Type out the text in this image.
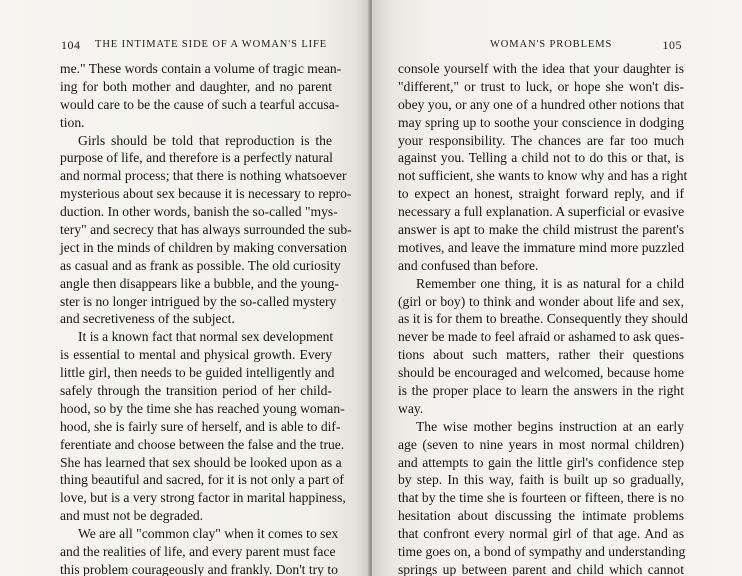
104 THE INTIMATE SIDE OF A WOMAN'S LIFE
me." These words contain a volume of tragic mean-
ing for both mother and daughter, and no parent
would care to be the cause of such a tearful accusa-
tion.
Girls should be told that reproduction is the
purpose of life, and therefore is a perfectly natural
and normal process; that there is nothing whatsoever
mysterious about sex because it is necessary to repro-
duction. In other words, banish the so-called "mys-
tery" and secrecy that has always surrounded the sub-
ject in the minds of children by making conversation
as casual and as frank as possible. The old curiosity
angle then disappears like a bubble, and the young-
ster is no longer intrigued by the so-called mystery
and secretiveness of the subject.
It is a known fact that normal sex development
is essential to mental and physical growth. Every
little girl, then needs to be guided intelligently and
safely through the transition period of her child-
hood, so by the time she has reached young woman-
hood, she is fairly sure of herself, and is able to dif-
ferentiate and choose between the false and the true.
She has learned that sex should be looked upon as a
thing beautiful and sacred, for it is not only a part of
love, but is a very strong factor in marital happiness,
and must not be degraded.
We are all "common clay" when it comes to sex
and the realities of life, and every parent must face
this problem courageously and frankly. Don't try to
WOMAN'S PROBLEMS	105
console yourself with the idea that your daughter is
"different," or trust to luck, or hope she won't dis-
obey you, or any one of a hundred other notions that
may spring up to soothe your conscience in dodging
your responsibility. The chances are far too much
against you. Telling a child not to do this or that, is
not sufficient, she wants to know why and has a right
to expect an honest, straight forward reply, and if
necessary a full explanation. A superficial or evasive
answer is apt to make the child mistrust the parent's
motives, and leave the immature mind more puzzled
and confused than before.
Remember one thing, it is as natural for a child
(girl or boy) to think and wonder about life and sex,
as it is for them to breathe. Consequently they should
never be made to feel afraid or ashamed to ask ques-
tions about such matters, rather their questions
should be encouraged and welcomed, because home
is the proper place to learn the answers in the right
way.
The wise mother begins instruction at an early
age (seven to nine years in most normal children)
and attempts to gain the little girl's confidence step
by step. In this way, faith is built up so gradually,
that by the time she is fourteen or fifteen, there is no
hesitation about discussing the intimate problems
that confront every normal girl of that age. And as
time goes on, a bond of sympathy and understanding
springs up between parent and child which cannot
